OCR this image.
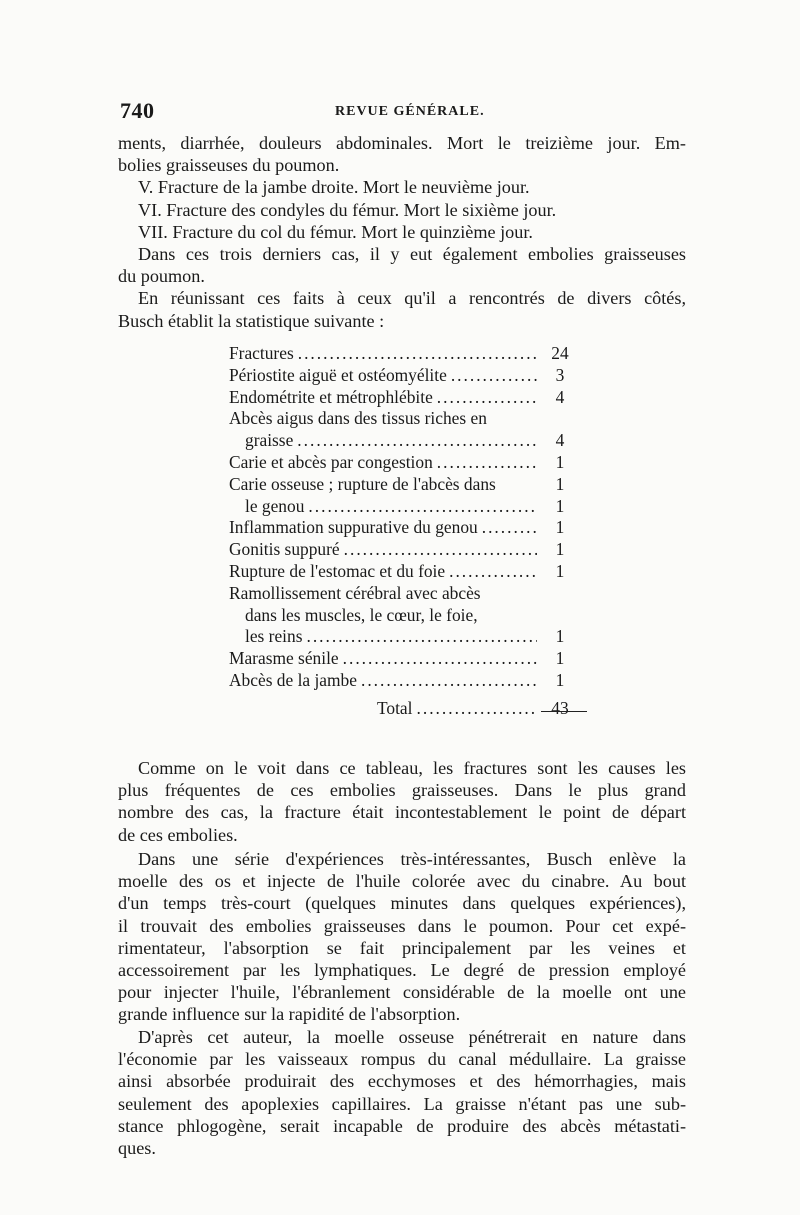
740	REVUE GÉNÉRALE.
ments, diarrhée, douleurs abdominales. Mort le treizième jour. Em-
bolies graisseuses du poumon.
V. Fracture de la jambe droite. Mort le neuvième jour.
VI. Fracture des condyles du fémur. Mort le sixième jour.
VII. Fracture du col du fémur. Mort le quinzième jour.
Dans ces trois derniers cas, il y eut également embolies graisseuses
du poumon.
En réunissant ces faits à ceux qu'il a rencontrés de divers côtés,
Busch établit la statistique suivante :
Fractures .....	24
Périostite aiguë et ostéomyélite .....	3
Endométrite et métrophlébite .....	4
Abcès aigus dans des tissus riches en
graisse .....	4
Carie et abcès par congestion .....	1
Carie osseuse ; rupture de l'abcès dans	1
le genou .....	1
Inflammation suppurative du genou .....	1
Gonitis suppuré .....	1
Rupture de l'estomac et du foie .....	1
Ramollissement cérébral avec abcès
dans les muscles, le cœur, le foie,
les reins .....	1
Marasme sénile .....	1
Abcès de la jambe .....	1
Total .....	43
Comme on le voit dans ce tableau, les fractures sont les causes les
plus fréquentes de ces embolies graisseuses. Dans le plus grand
nombre des cas, la fracture était incontestablement le point de départ
de ces embolies.
Dans une série d'expériences très-intéressantes, Busch enlève la
moelle des os et injecte de l'huile colorée avec du cinabre. Au bout
d'un temps très-court (quelques minutes dans quelques expériences),
il trouvait des embolies graisseuses dans le poumon. Pour cet expé-
rimentateur, l'absorption se fait principalement par les veines et
accessoirement par les lymphatiques. Le degré de pression employé
pour injecter l'huile, l'ébranlement considérable de la moelle ont une
grande influence sur la rapidité de l'absorption.
D'après cet auteur, la moelle osseuse pénétrerait en nature dans
l'économie par les vaisseaux rompus du canal médullaire. La graisse
ainsi absorbée produirait des ecchymoses et des hémorrhagies, mais
seulement des apoplexies capillaires. La graisse n'étant pas une sub-
stance phlogogène, serait incapable de produire des abcès métastati-
ques.
